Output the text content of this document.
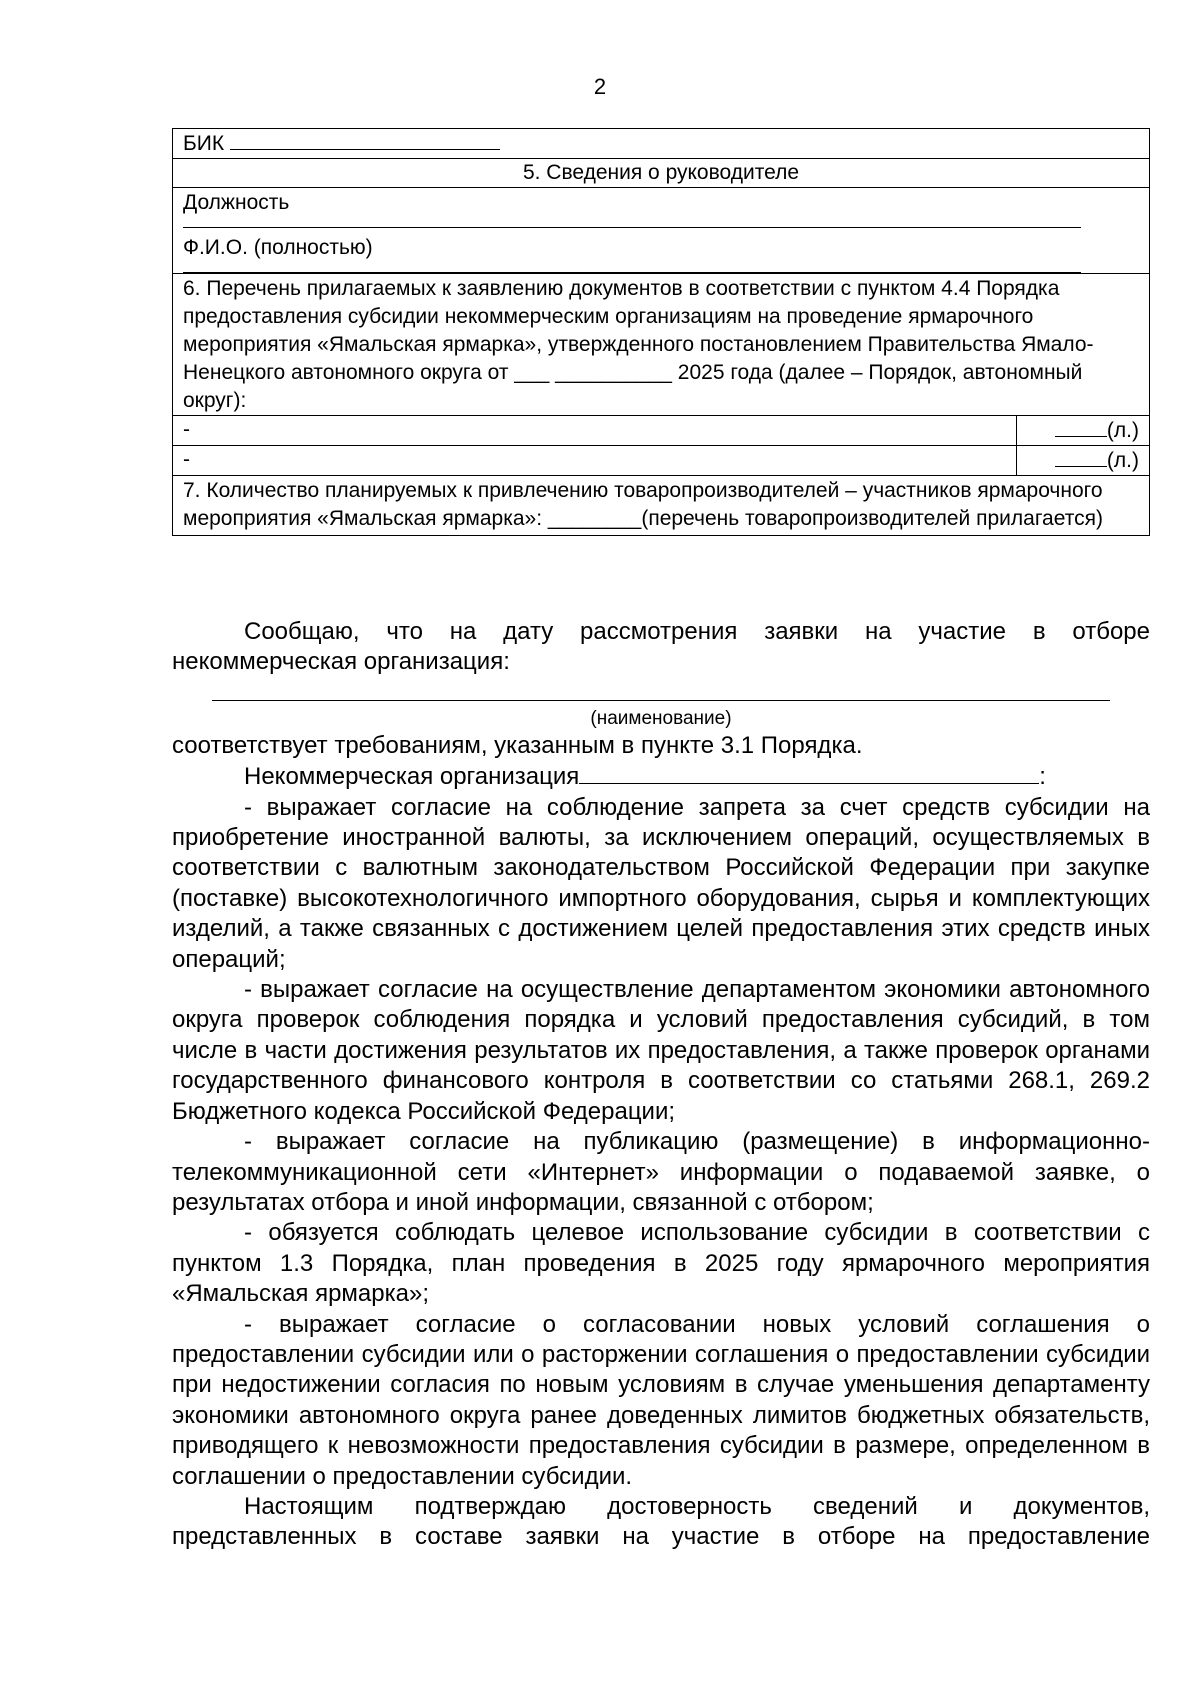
2
БИК	
5. Сведения о руководителе	

Должность
Ф.И.О. (полностью)	

6. Перечень прилагаемых к заявлению документов в соответствии с пунктом 4.4 Порядка предоставления субсидии некоммерческим организациям на проведение ярмарочного мероприятия «Ямальская ярмарка», утвержденного постановлением Правительства Ямало-Ненецкого автономного округа от ___ __________ 2025 года (далее – Порядок, автономный округ):	
-	(л.)
-	(л.)
7. Количество планируемых к привлечению товаропроизводителей – участников ярмарочного мероприятия «Ямальская ярмарка»: ________(перечень товаропроизводителей прилагается)	

Сообщаю, что на дату рассмотрения заявки на участие в отборе некоммерческая организация:

(наименование)

соответствует требованиям, указанным в пункте 3.1 Порядка.

Некоммерческая организация	:

- выражает согласие на соблюдение запрета за счет средств субсидии на приобретение иностранной валюты, за исключением операций, осуществляемых в соответствии с валютным законодательством Российской Федерации при закупке (поставке) высокотехнологичного импортного оборудования, сырья и комплектующих изделий, а также связанных с достижением целей предоставления этих средств иных операций;

- выражает согласие на осуществление департаментом экономики автономного округа проверок соблюдения порядка и условий предоставления субсидий, в том числе в части достижения результатов их предоставления, а также проверок органами государственного финансового контроля в соответствии со статьями 268.1, 269.2 Бюджетного кодекса Российской Федерации;

- выражает согласие на публикацию (размещение) в информационно-телекоммуникационной сети «Интернет» информации о подаваемой заявке, о результатах отбора и иной информации, связанной с отбором;

- обязуется соблюдать целевое использование субсидии в соответствии с пунктом 1.3 Порядка, план проведения в 2025 году ярмарочного мероприятия «Ямальская ярмарка»;

- выражает согласие о согласовании новых условий соглашения о предоставлении субсидии или о расторжении соглашения о предоставлении субсидии при недостижении согласия по новым условиям в случае уменьшения департаменту экономики автономного округа ранее доведенных лимитов бюджетных обязательств, приводящего к невозможности предоставления субсидии в размере, определенном в соглашении о предоставлении субсидии.

Настоящим подтверждаю достоверность сведений и документов, представленных в составе заявки на участие в отборе на предоставление
